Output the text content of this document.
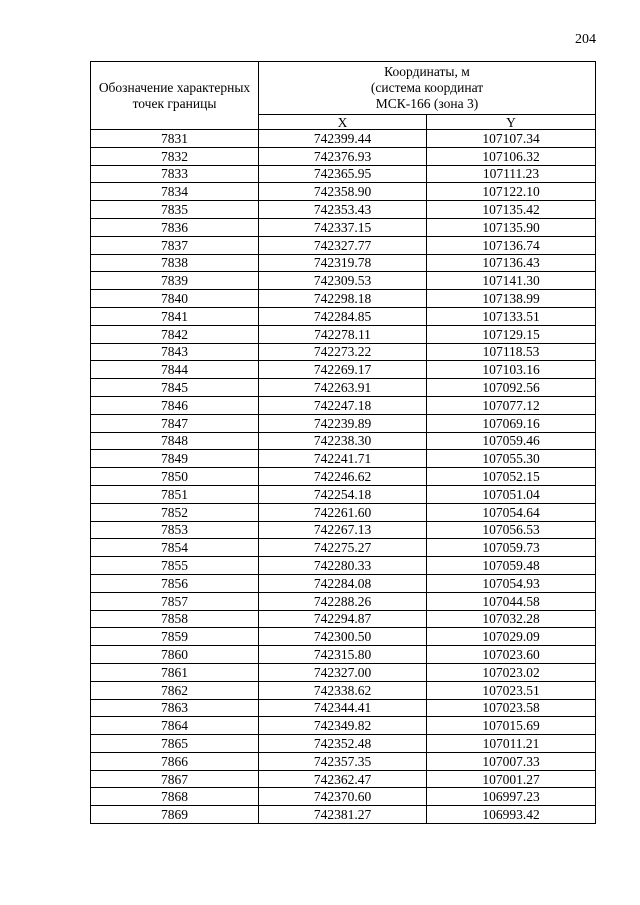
204
Обозначение характерных точек границы	Координаты, м
(система координат
МСК-166 (зона 3)	

	X	Y
7831	742399.44	107107.34
7832	742376.93	107106.32
7833	742365.95	107111.23
7834	742358.90	107122.10
7835	742353.43	107135.42
7836	742337.15	107135.90
7837	742327.77	107136.74
7838	742319.78	107136.43
7839	742309.53	107141.30
7840	742298.18	107138.99
7841	742284.85	107133.51
7842	742278.11	107129.15
7843	742273.22	107118.53
7844	742269.17	107103.16
7845	742263.91	107092.56
7846	742247.18	107077.12
7847	742239.89	107069.16
7848	742238.30	107059.46
7849	742241.71	107055.30
7850	742246.62	107052.15
7851	742254.18	107051.04
7852	742261.60	107054.64
7853	742267.13	107056.53
7854	742275.27	107059.73
7855	742280.33	107059.48
7856	742284.08	107054.93
7857	742288.26	107044.58
7858	742294.87	107032.28
7859	742300.50	107029.09
7860	742315.80	107023.60
7861	742327.00	107023.02
7862	742338.62	107023.51
7863	742344.41	107023.58
7864	742349.82	107015.69
7865	742352.48	107011.21
7866	742357.35	107007.33
7867	742362.47	107001.27
7868	742370.60	106997.23
7869	742381.27	106993.42
